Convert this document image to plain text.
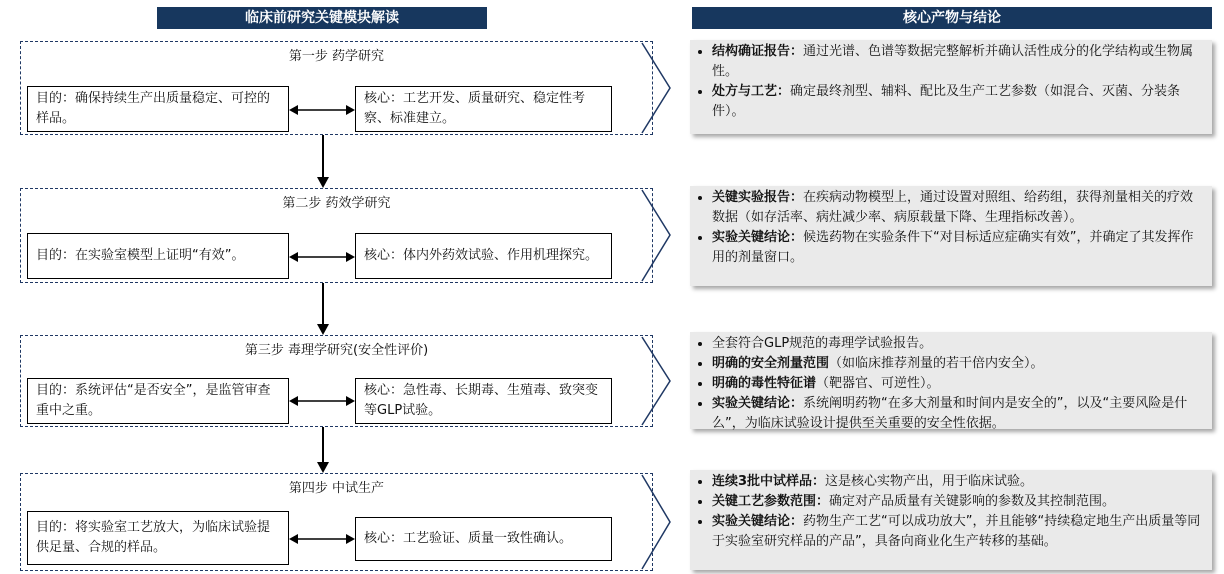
临床前研究关键模块解读	核心产物与结论
第一步 药学研究
目的：确保持续生产出质量稳定、可控的样品。
核心：工艺开发、质量研究、稳定性考察、标准建立。
第二步 药效学研究
目的：在实验室模型上证明“有效”。	核心：体内外药效试验、作用机理探究。
第三步 毒理学研究(安全性评价)
目的：系统评估“是否安全”，是监管审查重中之重。
核心：急性毒、长期毒、生殖毒、致突变等GLP试验。
第四步 中试生产
目的：将实验室工艺放大，为临床试验提供足量、合规的样品。
核心：工艺验证、质量一致性确认。
• 结构确证报告：通过光谱、色谱等数据完整解析并确认活性成分的化学结构或生物属性。
• 处方与工艺：确定最终剂型、辅料、配比及生产工艺参数（如混合、灭菌、分装条件）。
• 关键实验报告：在疾病动物模型上，通过设置对照组、给药组，获得剂量相关的疗效数据（如存活率、病灶减少率、病原载量下降、生理指标改善）。
• 实验关键结论：候选药物在实验条件下“对目标适应症确实有效”，并确定了其发挥作用的剂量窗口。
• 全套符合GLP规范的毒理学试验报告。
• 明确的安全剂量范围（如临床推荐剂量的若干倍内安全）。
• 明确的毒性特征谱（靶器官、可逆性）。
• 实验关键结论：系统阐明药物“在多大剂量和时间内是安全的”，以及“主要风险是什么”，为临床试验设计提供至关重要的安全性依据。
• 连续3批中试样品：这是核心实物产出，用于临床试验。
• 关键工艺参数范围：确定对产品质量有关键影响的参数及其控制范围。
• 实验关键结论：药物生产工艺“可以成功放大”，并且能够“持续稳定地生产出质量等同于实验室研究样品的产品”，具备向商业化生产转移的基础。
